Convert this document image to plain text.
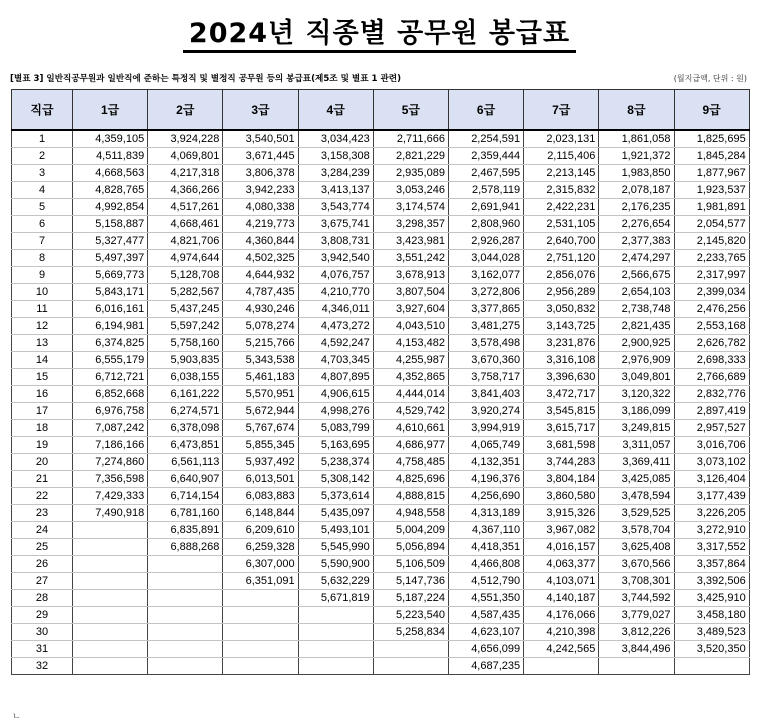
2024년 직종별 공무원 봉급표
[별표 3] 일반직공무원과 일반직에 준하는 특정직 및 별정직 공무원 등의 봉급표(제5조 및 별표 1 관련)	(월지급액, 단위 : 원)
직급	1급	2급	3급	4급	5급	6급	7급	8급	9급
1	4,359,105	3,924,228	3,540,501	3,034,423	2,711,666	2,254,591	2,023,131	1,861,058	1,825,695
2	4,511,839	4,069,801	3,671,445	3,158,308	2,821,229	2,359,444	2,115,406	1,921,372	1,845,284
3	4,668,563	4,217,318	3,806,378	3,284,239	2,935,089	2,467,595	2,213,145	1,983,850	1,877,967
4	4,828,765	4,366,266	3,942,233	3,413,137	3,053,246	2,578,119	2,315,832	2,078,187	1,923,537
5	4,992,854	4,517,261	4,080,338	3,543,774	3,174,574	2,691,941	2,422,231	2,176,235	1,981,891
6	5,158,887	4,668,461	4,219,773	3,675,741	3,298,357	2,808,960	2,531,105	2,276,654	2,054,577
7	5,327,477	4,821,706	4,360,844	3,808,731	3,423,981	2,926,287	2,640,700	2,377,383	2,145,820
8	5,497,397	4,974,644	4,502,325	3,942,540	3,551,242	3,044,028	2,751,120	2,474,297	2,233,765
9	5,669,773	5,128,708	4,644,932	4,076,757	3,678,913	3,162,077	2,856,076	2,566,675	2,317,997
10	5,843,171	5,282,567	4,787,435	4,210,770	3,807,504	3,272,806	2,956,289	2,654,103	2,399,034
11	6,016,161	5,437,245	4,930,246	4,346,011	3,927,604	3,377,865	3,050,832	2,738,748	2,476,256
12	6,194,981	5,597,242	5,078,274	4,473,272	4,043,510	3,481,275	3,143,725	2,821,435	2,553,168
13	6,374,825	5,758,160	5,215,766	4,592,247	4,153,482	3,578,498	3,231,876	2,900,925	2,626,782
14	6,555,179	5,903,835	5,343,538	4,703,345	4,255,987	3,670,360	3,316,108	2,976,909	2,698,333
15	6,712,721	6,038,155	5,461,183	4,807,895	4,352,865	3,758,717	3,396,630	3,049,801	2,766,689
16	6,852,668	6,161,222	5,570,951	4,906,615	4,444,014	3,841,403	3,472,717	3,120,322	2,832,776
17	6,976,758	6,274,571	5,672,944	4,998,276	4,529,742	3,920,274	3,545,815	3,186,099	2,897,419
18	7,087,242	6,378,098	5,767,674	5,083,799	4,610,661	3,994,919	3,615,717	3,249,815	2,957,527
19	7,186,166	6,473,851	5,855,345	5,163,695	4,686,977	4,065,749	3,681,598	3,311,057	3,016,706
20	7,274,860	6,561,113	5,937,492	5,238,374	4,758,485	4,132,351	3,744,283	3,369,411	3,073,102
21	7,356,598	6,640,907	6,013,501	5,308,142	4,825,696	4,196,376	3,804,184	3,425,085	3,126,404
22	7,429,333	6,714,154	6,083,883	5,373,614	4,888,815	4,256,690	3,860,580	3,478,594	3,177,439
23	7,490,918	6,781,160	6,148,844	5,435,097	4,948,558	4,313,189	3,915,326	3,529,525	3,226,205
24		6,835,891	6,209,610	5,493,101	5,004,209	4,367,110	3,967,082	3,578,704	3,272,910
25		6,888,268	6,259,328	5,545,990	5,056,894	4,418,351	4,016,157	3,625,408	3,317,552
26			6,307,000	5,590,900	5,106,509	4,466,808	4,063,377	3,670,566	3,357,864
27			6,351,091	5,632,229	5,147,736	4,512,790	4,103,071	3,708,301	3,392,506
28				5,671,819	5,187,224	4,551,350	4,140,187	3,744,592	3,425,910
29					5,223,540	4,587,435	4,176,066	3,779,027	3,458,180
30					5,258,834	4,623,107	4,210,398	3,812,226	3,489,523
31						4,656,099	4,242,565	3,844,496	3,520,350
32						4,687,235			
ㄴ
